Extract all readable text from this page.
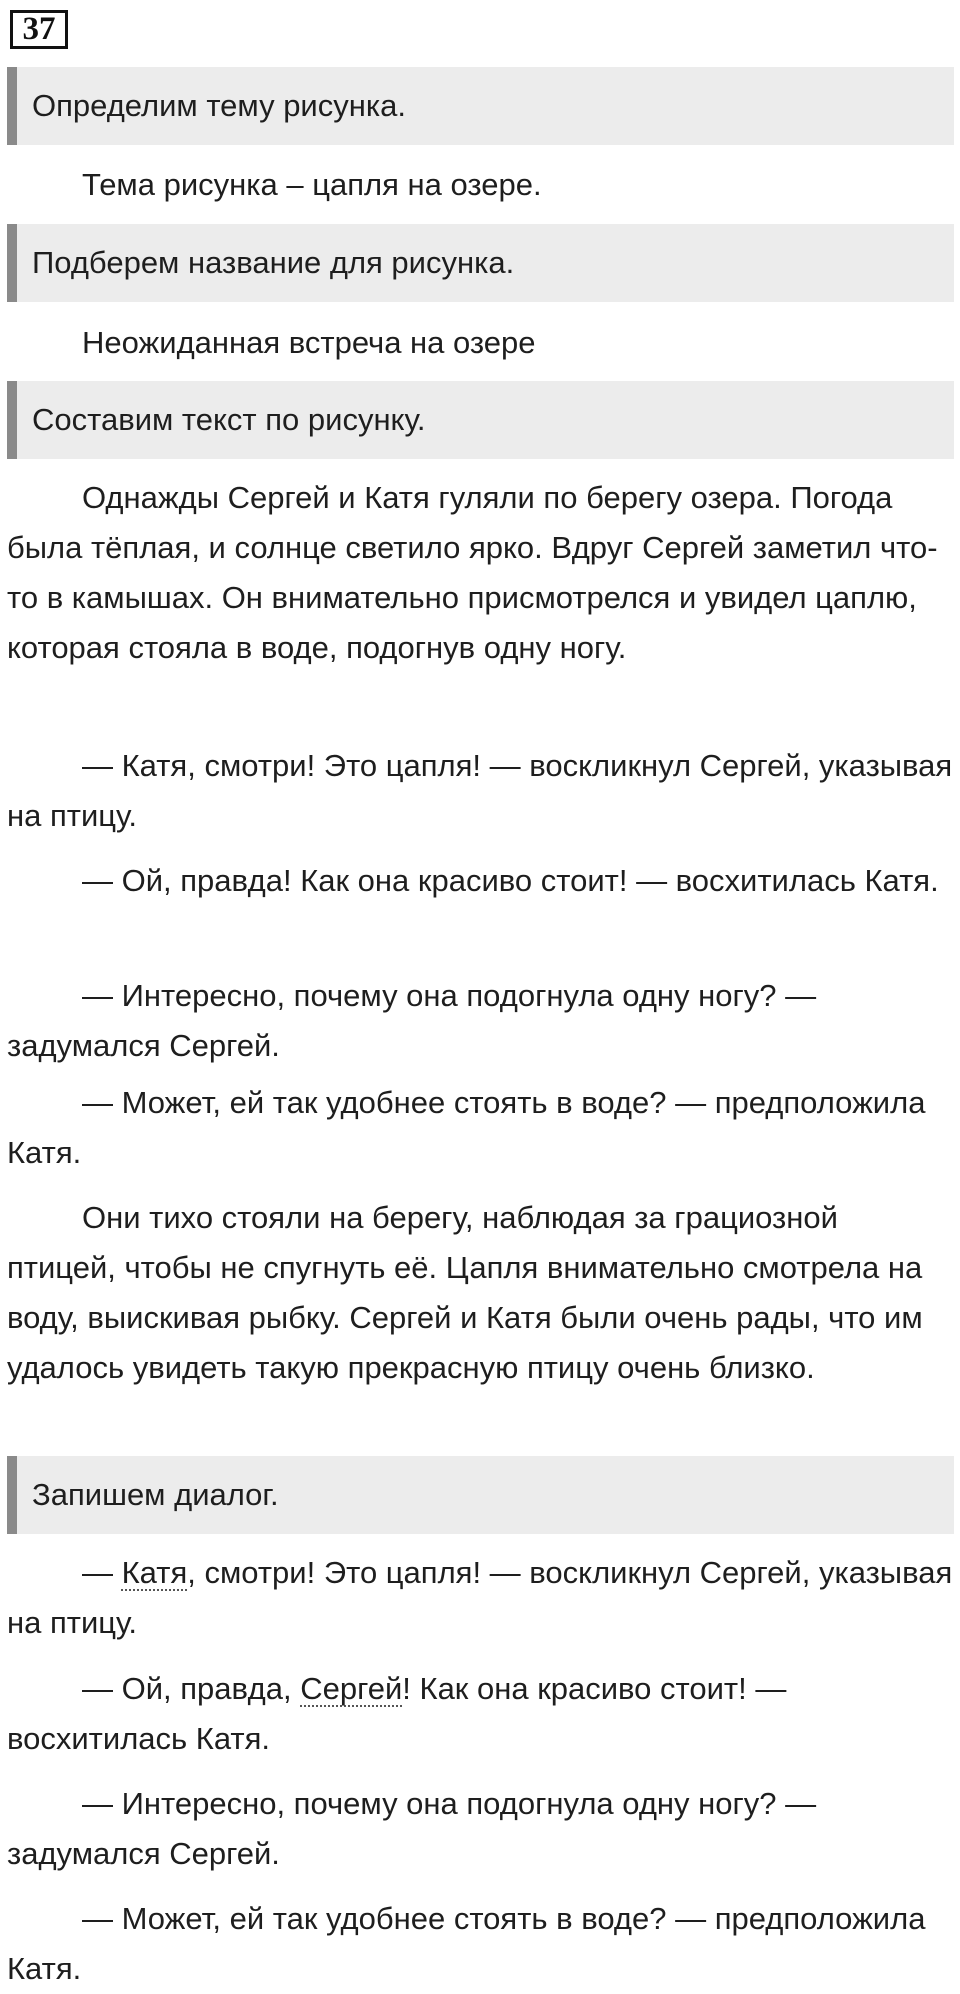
37
Определим тему рисунка.
Тема рисунка – цапля на озере.
Подберем название для рисунка.
Неожиданная встреча на озере
Составим текст по рисунку.
Однажды Сергей и Катя гуляли по берегу озера. Погода была тёплая, и солнце светило ярко. Вдруг Сергей заметил что-то в камышах. Он внимательно присмотрелся и увидел цаплю, которая стояла в воде, подогнув одну ногу.
— Катя, смотри! Это цапля! — воскликнул Сергей, указывая на птицу.
— Ой, правда! Как она красиво стоит! — восхитилась Катя.
— Интересно, почему она подогнула одну ногу? — задумался Сергей.
— Может, ей так удобнее стоять в воде? — предположила Катя.
Они тихо стояли на берегу, наблюдая за грациозной птицей, чтобы не спугнуть её. Цапля внимательно смотрела на воду, выискивая рыбку. Сергей и Катя были очень рады, что им удалось увидеть такую прекрасную птицу очень близко.
Запишем диалог.
— Катя, смотри! Это цапля! — воскликнул Сергей, указывая на птицу.
— Ой, правда, Сергей! Как она красиво стоит! — восхитилась Катя.
— Интересно, почему она подогнула одну ногу? — задумался Сергей.
— Может, ей так удобнее стоять в воде? — предположила Катя.
